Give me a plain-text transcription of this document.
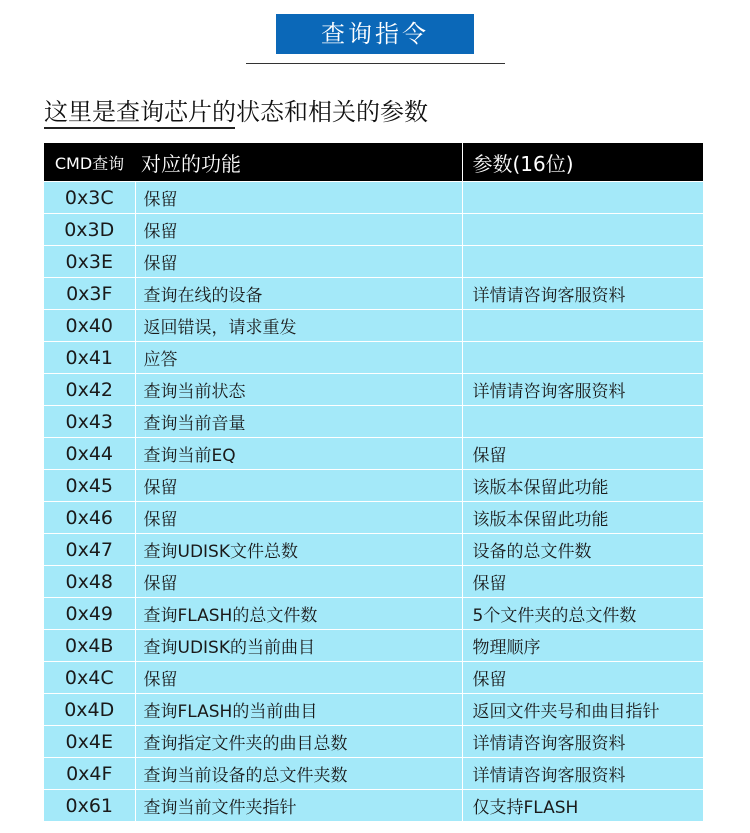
查询指令
这里是查询芯片的状态和相关的参数
CMD查询	对应的功能	参数(16位)
0x3C	保留	
0x3D	保留	
0x3E	保留	
0x3F	查询在线的设备	详情请咨询客服资料
0x40	返回错误，请求重发	
0x41	应答	
0x42	查询当前状态	详情请咨询客服资料
0x43	查询当前音量	
0x44	查询当前EQ	保留
0x45	保留	该版本保留此功能
0x46	保留	该版本保留此功能
0x47	查询UDISK文件总数	设备的总文件数
0x48	保留	保留
0x49	查询FLASH的总文件数	5个文件夹的总文件数
0x4B	查询UDISK的当前曲目	物理顺序
0x4C	保留	保留
0x4D	查询FLASH的当前曲目	返回文件夹号和曲目指针
0x4E	查询指定文件夹的曲目总数	详情请咨询客服资料
0x4F	查询当前设备的总文件夹数	详情请咨询客服资料
0x61	查询当前文件夹指针	仅支持FLASH
